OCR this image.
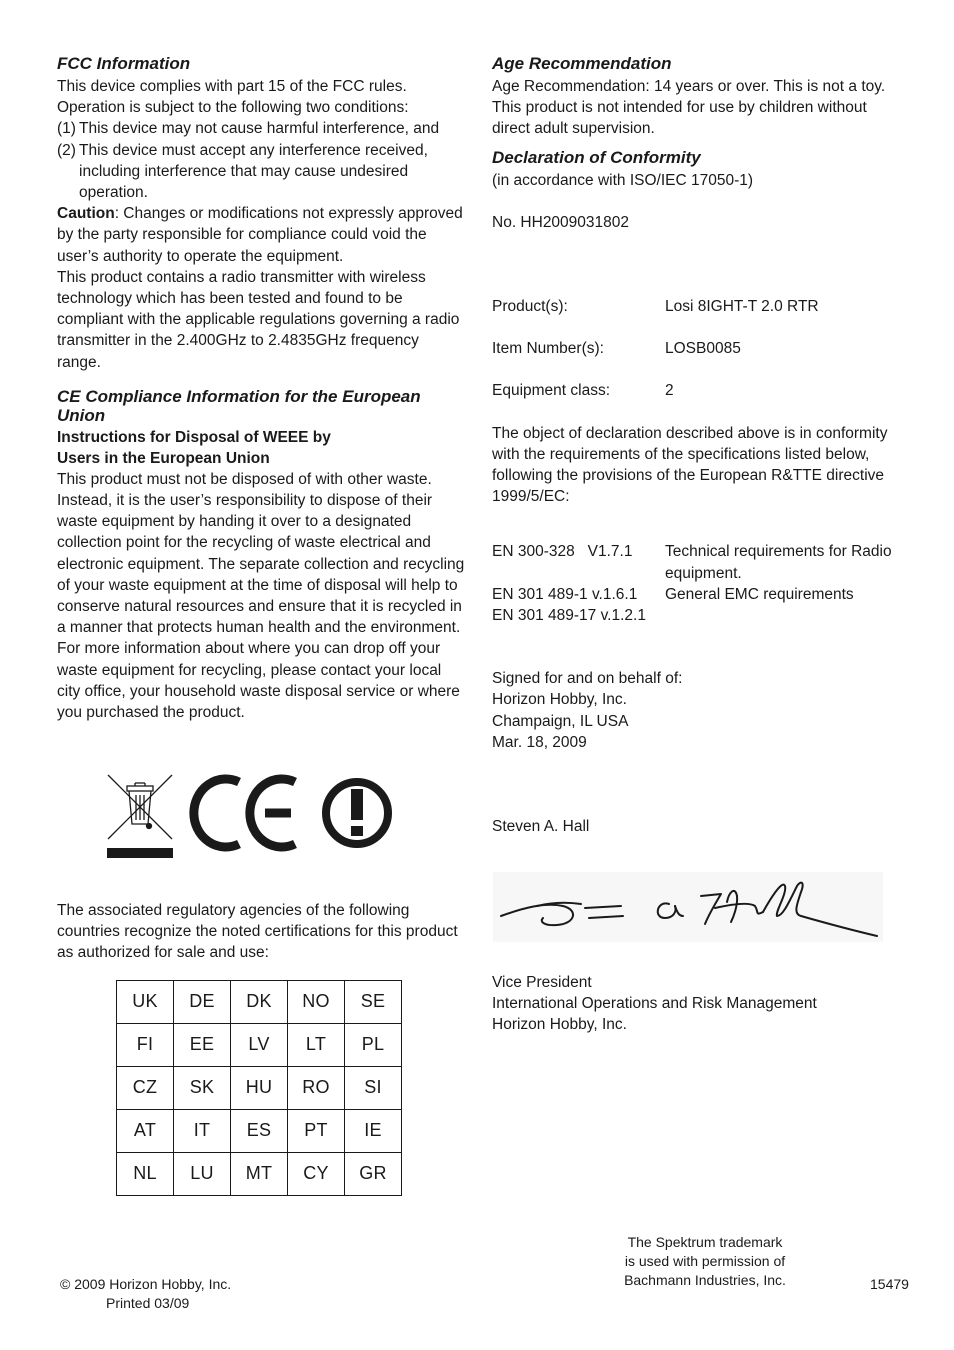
FCC Information

This device complies with part 15 of the FCC rules.

Operation is subject to the following two conditions:

(1) This device may not cause harmful interference, and
(2) This device must accept any interference received, including interference that may cause undesired operation.

Caution: Changes or modifications not expressly approved by the party responsible for compliance could void the user’s authority to operate the equipment.

This product contains a radio transmitter with wireless technology which has been tested and found to be compliant with the applicable regulations governing a radio transmitter in the 2.400GHz to 2.4835GHz frequency range.

CE Compliance Information for the European Union
Instructions for Disposal of WEEE by
Users in the European Union

This product must not be disposed of with other waste. Instead, it is the user’s responsibility to dispose of their waste equipment by handing it over to a designated collection point for the recycling of waste electrical and electronic equipment. The separate collection and recycling of your waste equipment at the time of disposal will help to conserve natural resources and ensure that it is recycled in a manner that protects human health and the environment. For more information about where you can drop off your waste equipment for recycling, please contact your local city office, your household waste disposal service or where you purchased the product.

The associated regulatory agencies of the following countries recognize the noted certifications for this product as authorized for sale and use:

UK	DE	DK	NO	SE
FI	EE	LV	LT	PL
CZ	SK	HU	RO	SI
AT	IT	ES	PT	IE
NL	LU	MT	CY	GR
Age Recommendation

Age Recommendation: 14 years or over. This is not a toy. This product is not intended for use by children without direct adult supervision.

Declaration of Conformity

(in accordance with ISO/IEC 17050-1)

No. HH2009031802

Product(s):	Losi 8IGHT-T 2.0 RTR
Item Number(s):	LOSB0085
Equipment class:	2

The object of declaration described above is in conformity with the requirements of the specifications listed below, following the provisions of the European R&TTE directive 1999/5/EC:

EN 300-328   V1.7.1	Technical requirements for Radio equipment.
EN 301 489-1 v.1.6.1	General EMC requirements
EN 301 489-17 v.1.2.1

Signed for and on behalf of:

Horizon Hobby, Inc.

Champaign, IL USA

Mar. 18, 2009

Steven A. Hall

Vice President

International Operations and Risk Management

Horizon Hobby, Inc.

© 2009 Horizon Hobby, Inc.
Printed 03/09
The Spektrum trademark
is used with permission of
Bachmann Industries, Inc.	15479
